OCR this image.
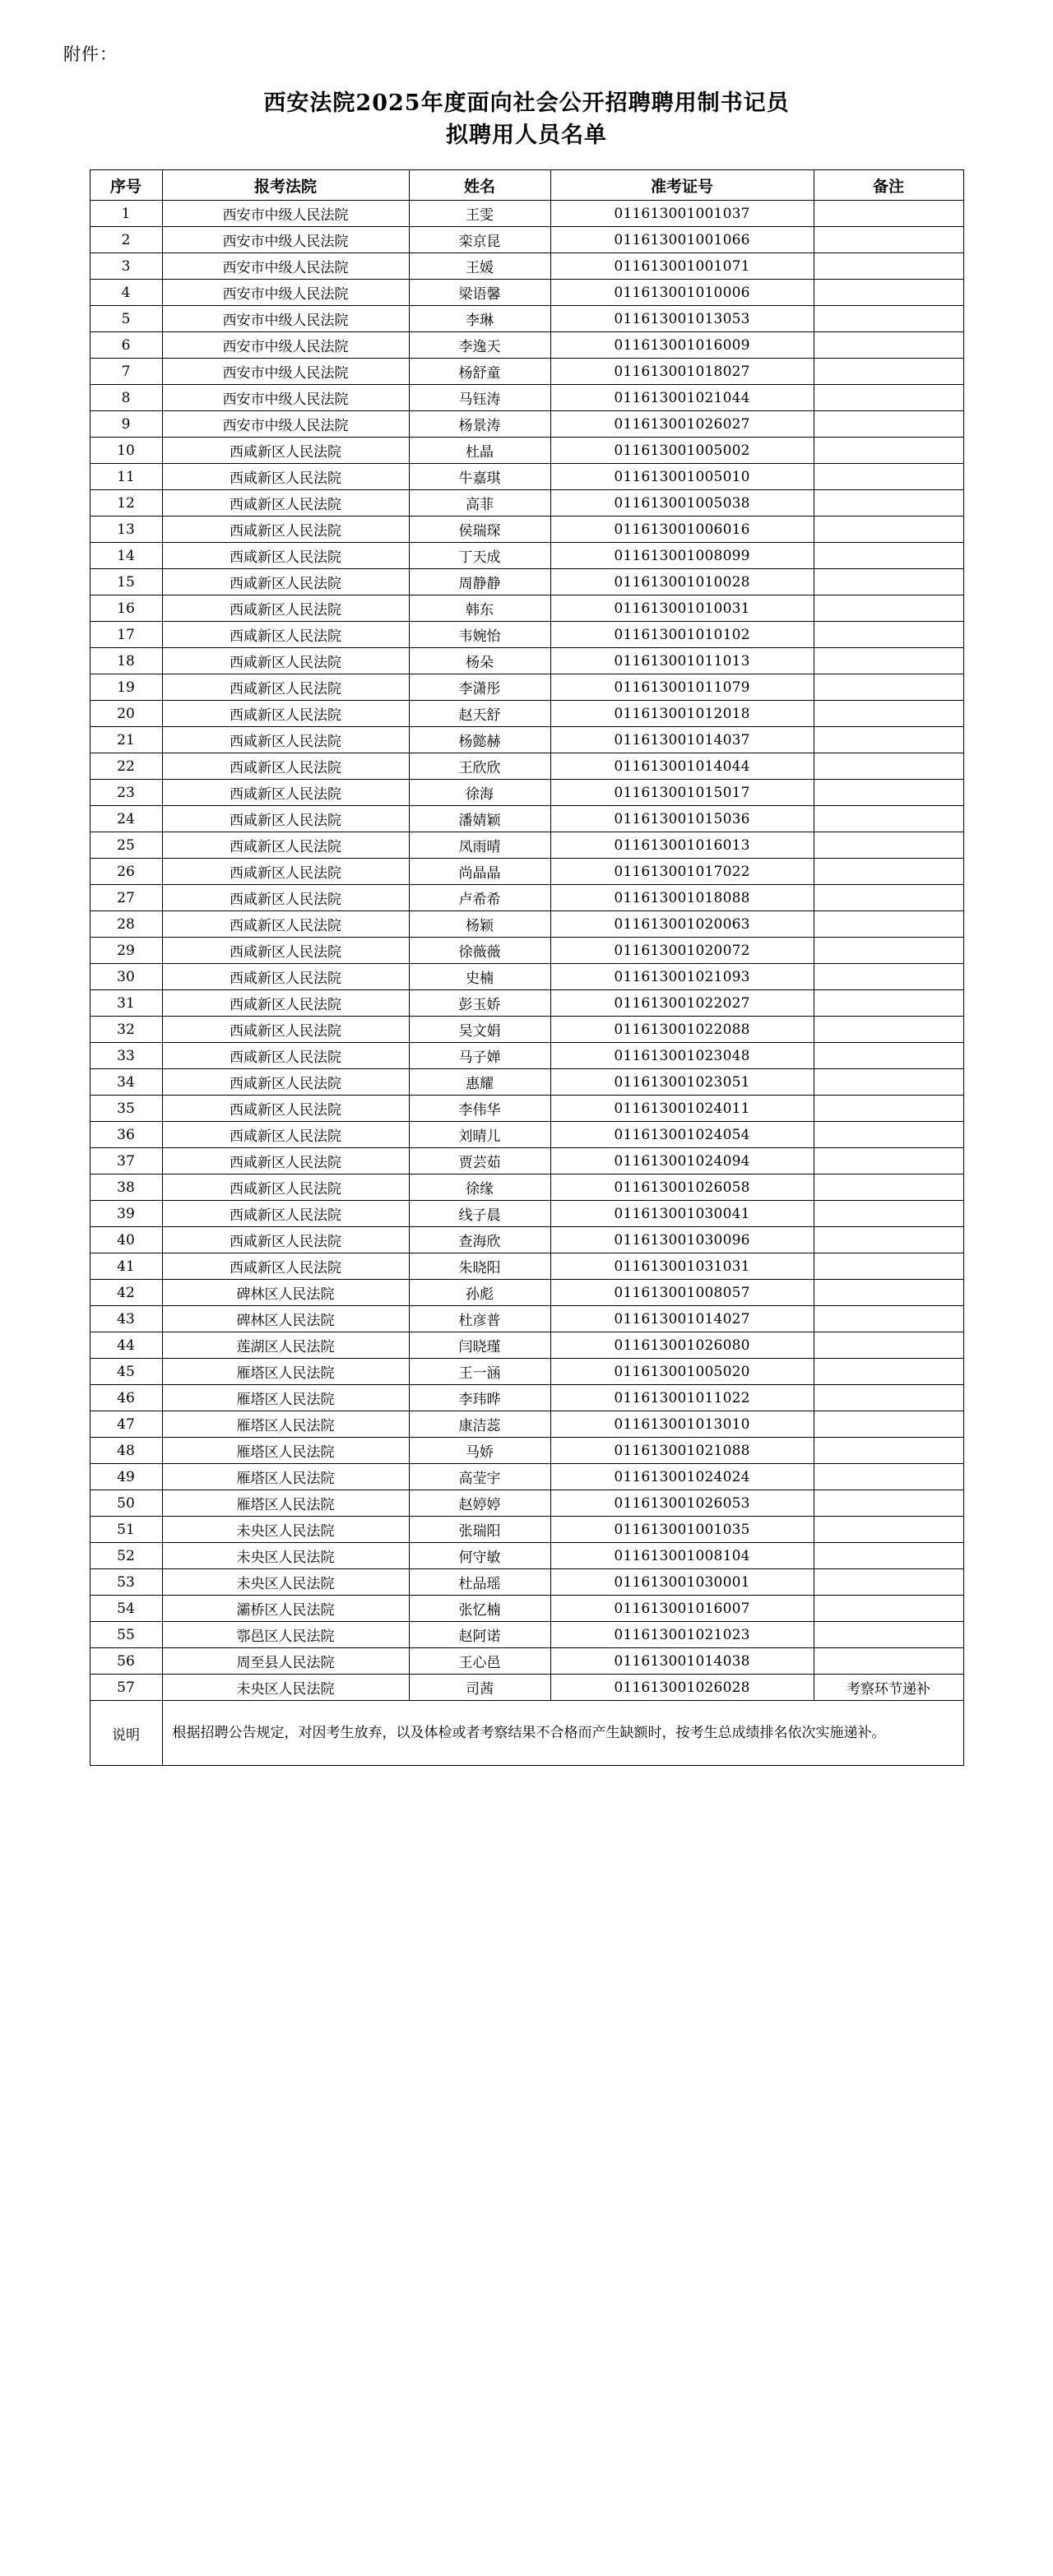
附件：
西安法院2025年度面向社会公开招聘聘用制书记员
拟聘用人员名单
序号	报考法院	姓名	准考证号	备注
1	西安市中级人民法院	王雯	011613001001037	
2	西安市中级人民法院	栾京昆	011613001001066	
3	西安市中级人民法院	王媛	011613001001071	
4	西安市中级人民法院	梁语馨	011613001010006	
5	西安市中级人民法院	李琳	011613001013053	
6	西安市中级人民法院	李逸天	011613001016009	
7	西安市中级人民法院	杨舒童	011613001018027	
8	西安市中级人民法院	马钰涛	011613001021044	
9	西安市中级人民法院	杨景涛	011613001026027	
10	西咸新区人民法院	杜晶	011613001005002	
11	西咸新区人民法院	牛嘉琪	011613001005010	
12	西咸新区人民法院	高菲	011613001005038	
13	西咸新区人民法院	侯瑞琛	011613001006016	
14	西咸新区人民法院	丁天成	011613001008099	
15	西咸新区人民法院	周静静	011613001010028	
16	西咸新区人民法院	韩东	011613001010031	
17	西咸新区人民法院	韦婉怡	011613001010102	
18	西咸新区人民法院	杨朵	011613001011013	
19	西咸新区人民法院	李潇彤	011613001011079	
20	西咸新区人民法院	赵天舒	011613001012018	
21	西咸新区人民法院	杨懿赫	011613001014037	
22	西咸新区人民法院	王欣欣	011613001014044	
23	西咸新区人民法院	徐海	011613001015017	
24	西咸新区人民法院	潘婧颖	011613001015036	
25	西咸新区人民法院	凤雨晴	011613001016013	
26	西咸新区人民法院	尚晶晶	011613001017022	
27	西咸新区人民法院	卢希希	011613001018088	
28	西咸新区人民法院	杨颖	011613001020063	
29	西咸新区人民法院	徐薇薇	011613001020072	
30	西咸新区人民法院	史楠	011613001021093	
31	西咸新区人民法院	彭玉娇	011613001022027	
32	西咸新区人民法院	吴文娟	011613001022088	
33	西咸新区人民法院	马子婵	011613001023048	
34	西咸新区人民法院	惠耀	011613001023051	
35	西咸新区人民法院	李伟华	011613001024011	
36	西咸新区人民法院	刘晴儿	011613001024054	
37	西咸新区人民法院	贾芸茹	011613001024094	
38	西咸新区人民法院	徐缘	011613001026058	
39	西咸新区人民法院	线子晨	011613001030041	
40	西咸新区人民法院	查海欣	011613001030096	
41	西咸新区人民法院	朱晓阳	011613001031031	
42	碑林区人民法院	孙彪	011613001008057	
43	碑林区人民法院	杜彦普	011613001014027	
44	莲湖区人民法院	闫晓瑾	011613001026080	
45	雁塔区人民法院	王一涵	011613001005020	
46	雁塔区人民法院	李玮晔	011613001011022	
47	雁塔区人民法院	康洁蕊	011613001013010	
48	雁塔区人民法院	马娇	011613001021088	
49	雁塔区人民法院	高莹宇	011613001024024	
50	雁塔区人民法院	赵婷婷	011613001026053	
51	未央区人民法院	张瑞阳	011613001001035	
52	未央区人民法院	何守敏	011613001008104	
53	未央区人民法院	杜品瑶	011613001030001	
54	灞桥区人民法院	张忆楠	011613001016007	
55	鄠邑区人民法院	赵阿诺	011613001021023	
56	周至县人民法院	王心邑	011613001014038	
57	未央区人民法院	司茜	011613001026028	考察环节递补
说明	根据招聘公告规定，对因考生放弃，以及体检或者考察结果不合格而产生缺额时，按考生总成绩排名依次实施递补。			
